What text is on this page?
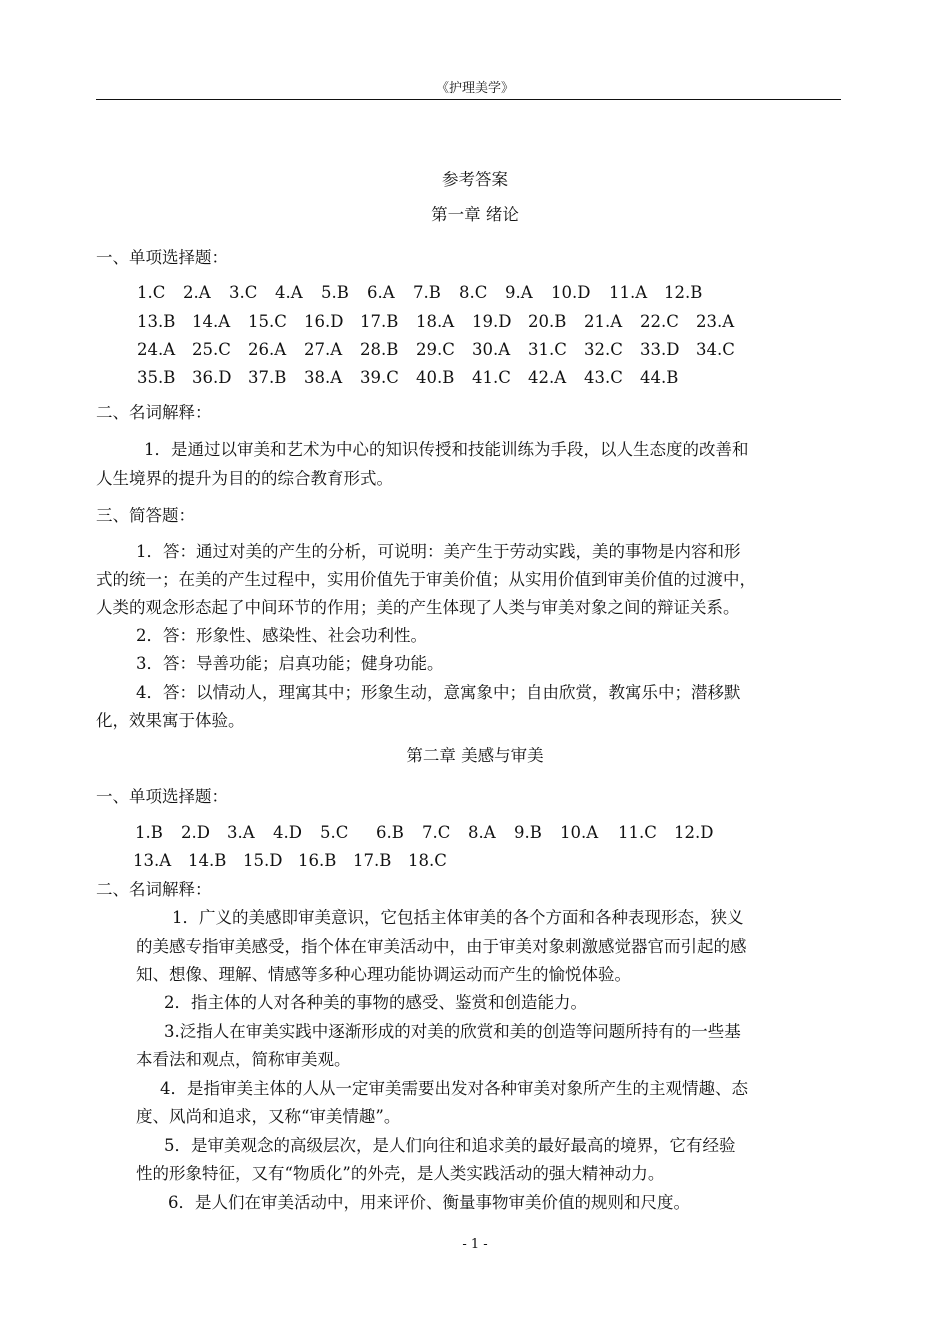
《护理美学》
参考答案
第一章 绪论
一、单项选择题：
1.C 2.A 3.C 4.A 5.B 6.A 7.B 8.C 9.A 10.D 11.A 12.B
13.B 14.A 15.C 16.D 17.B 18.A 19.D 20.B 21.A 22.C 23.A
24.A 25.C 26.A 27.A 28.B 29.C 30.A 31.C 32.C 33.D 34.C
35.B 36.D 37.B 38.A 39.C 40.B 41.C 42.A 43.C 44.B
二、名词解释：
1．是通过以审美和艺术为中心的知识传授和技能训练为手段，以人生态度的改善和
人生境界的提升为目的的综合教育形式。
三、简答题：
1．答：通过对美的产生的分析，可说明：美产生于劳动实践，美的事物是内容和形
式的统一；在美的产生过程中，实用价值先于审美价值；从实用价值到审美价值的过渡中，
人类的观念形态起了中间环节的作用；美的产生体现了人类与审美对象之间的辩证关系。
2．答：形象性、感染性、社会功利性。
3．答：导善功能；启真功能；健身功能。
4．答：以情动人，理寓其中；形象生动，意寓象中；自由欣赏，教寓乐中；潜移默
化，效果寓于体验。
第二章 美感与审美
一、单项选择题：
1.B 2.D 3.A 4.D 5.C 6.B 7.C 8.A 9.B 10.A 11.C 12.D
13.A 14.B 15.D 16.B 17.B 18.C
二、名词解释：
1．广义的美感即审美意识，它包括主体审美的各个方面和各种表现形态，狭义
的美感专指审美感受，指个体在审美活动中，由于审美对象刺激感觉器官而引起的感
知、想像、理解、情感等多种心理功能协调运动而产生的愉悦体验。
2．指主体的人对各种美的事物的感受、鉴赏和创造能力。
3.泛指人在审美实践中逐渐形成的对美的欣赏和美的创造等问题所持有的一些基
本看法和观点，简称审美观。
4．是指审美主体的人从一定审美需要出发对各种审美对象所产生的主观情趣、态
度、风尚和追求，又称“审美情趣”。
5．是审美观念的高级层次，是人们向往和追求美的最好最高的境界，它有经验
性的形象特征，又有“物质化”的外壳，是人类实践活动的强大精神动力。
6．是人们在审美活动中，用来评价、衡量事物审美价值的规则和尺度。
- 1 -
